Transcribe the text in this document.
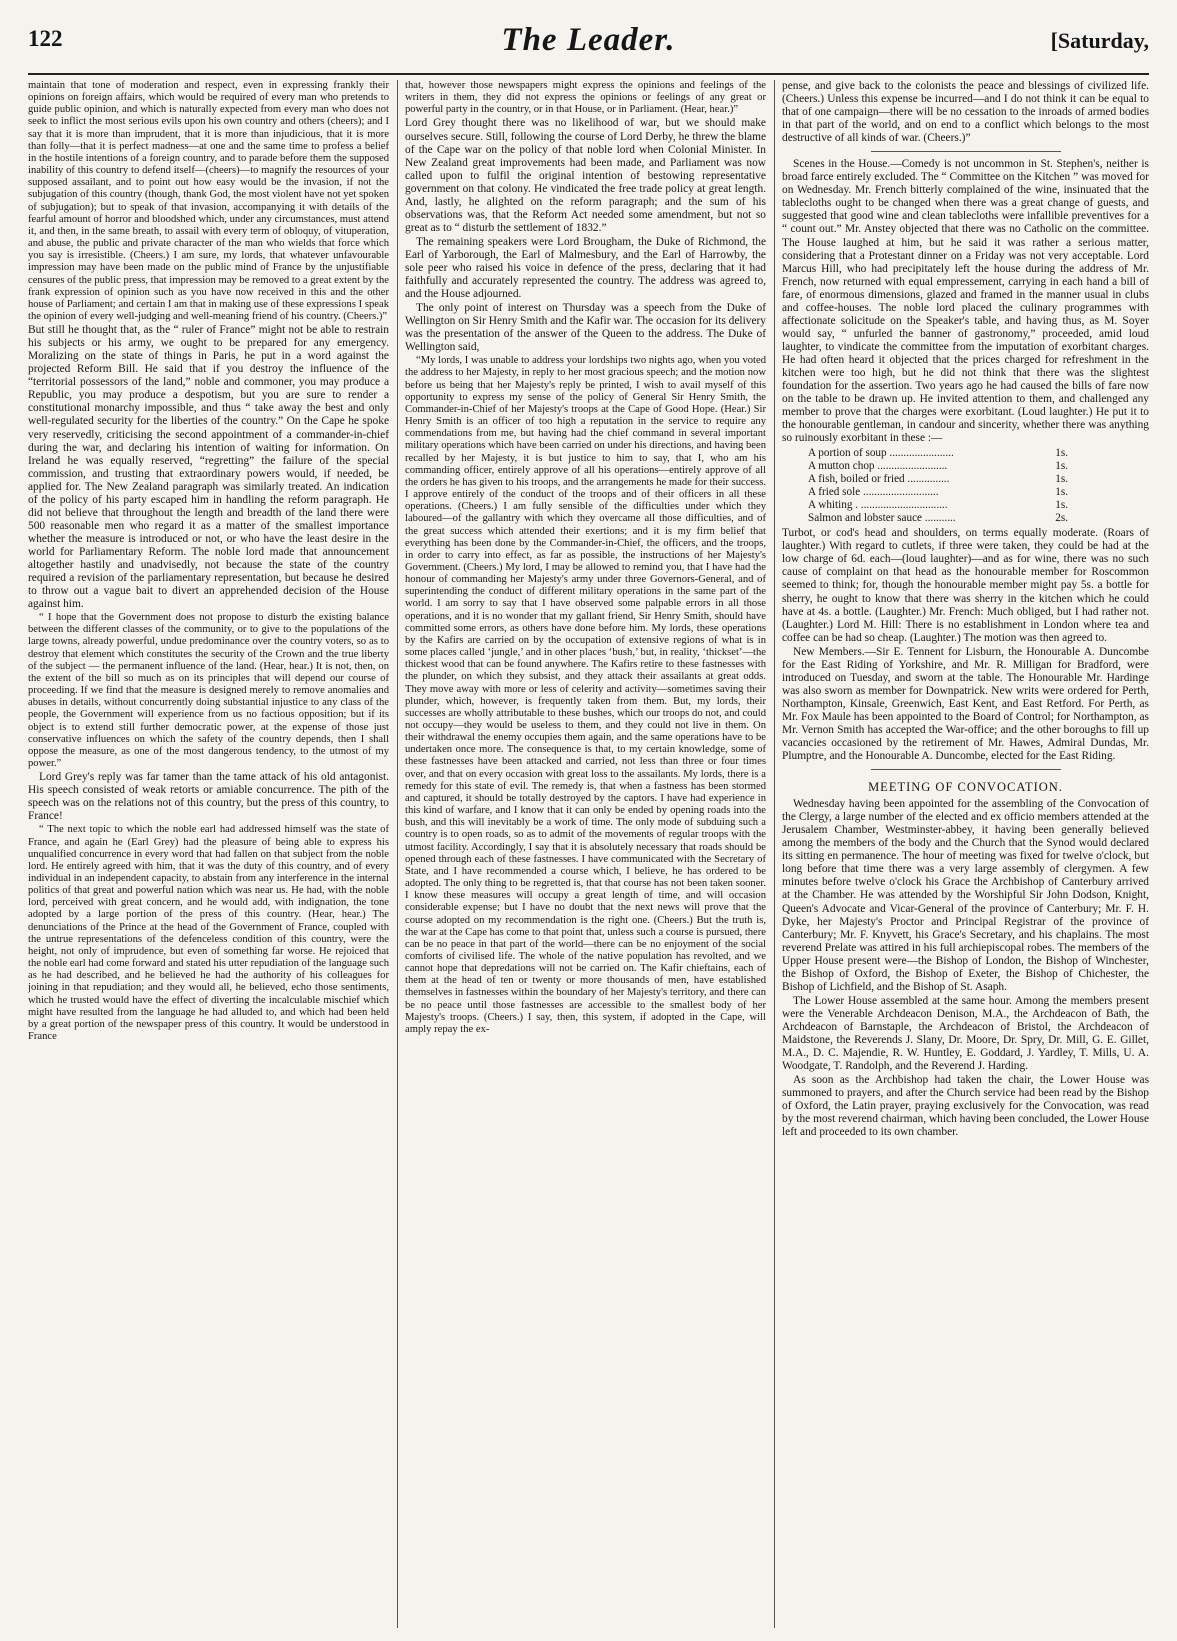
122	The Leader.	[Saturday,

maintain that tone of moderation and respect, even in expressing frankly their opinions on foreign affairs, which would be required of every man who pretends to guide public opinion, and which is naturally expected from every man who does not seek to inflict the most serious evils upon his own country and others (cheers); and I say that it is more than imprudent, that it is more than injudicious, that it is more than folly—that it is perfect madness—at one and the same time to profess a belief in the hostile intentions of a foreign country, and to parade before them the supposed inability of this country to defend itself—(cheers)—to magnify the resources of your supposed assailant, and to point out how easy would be the invasion, if not the subjugation of this country (though, thank God, the most violent have not yet spoken of subjugation); but to speak of that invasion, accompanying it with details of the fearful amount of horror and bloodshed which, under any circumstances, must attend it, and then, in the same breath, to assail with every term of obloquy, of vituperation, and abuse, the public and private character of the man who wields that force which you say is irresistible. (Cheers.) I am sure, my lords, that whatever unfavourable impression may have been made on the public mind of France by the unjustifiable censures of the public press, that impression may be removed to a great extent by the frank expression of opinion such as you have now received in this and the other house of Parliament; and certain I am that in making use of these expressions I speak the opinion of every well-judging and well-meaning friend of his country. (Cheers.)”

But still he thought that, as the “ ruler of France” might not be able to restrain his subjects or his army, we ought to be prepared for any emergency. Moralizing on the state of things in Paris, he put in a word against the projected Reform Bill. He said that if you destroy the influence of the “territorial possessors of the land,” noble and commoner, you may produce a Republic, you may produce a despotism, but you are sure to render a constitutional monarchy impossible, and thus “ take away the best and only well-regulated security for the liberties of the country.” On the Cape he spoke very reservedly, criticising the second appointment of a commander-in-chief during the war, and declaring his intention of waiting for information. On Ireland he was equally reserved, “regretting” the failure of the special commission, and trusting that extraordinary powers would, if needed, be applied for. The New Zealand paragraph was similarly treated. An indication of the policy of his party escaped him in handling the reform paragraph. He did not believe that throughout the length and breadth of the land there were 500 reasonable men who regard it as a matter of the smallest importance whether the measure is introduced or not, or who have the least desire in the world for Parliamentary Reform. The noble lord made that announcement altogether hastily and unadvisedly, not because the state of the country required a revision of the parliamentary representation, but because he desired to throw out a vague bait to divert an apprehended decision of the House against him.

“ I hope that the Government does not propose to disturb the existing balance between the different classes of the community, or to give to the populations of the large towns, already powerful, undue predominance over the country voters, so as to destroy that element which constitutes the security of the Crown and the true liberty of the subject — the permanent influence of the land. (Hear, hear.) It is not, then, on the extent of the bill so much as on its principles that will depend our course of proceeding. If we find that the measure is designed merely to remove anomalies and abuses in details, without concurrently doing substantial injustice to any class of the people, the Government will experience from us no factious opposition; but if its object is to extend still further democratic power, at the expense of those just conservative influences on which the safety of the country depends, then I shall oppose the measure, as one of the most dangerous tendency, to the utmost of my power.”

Lord Grey's reply was far tamer than the tame attack of his old antagonist. His speech consisted of weak retorts or amiable concurrence. The pith of the speech was on the relations not of this country, but the press of this country, to France!

“ The next topic to which the noble earl had addressed himself was the state of France, and again he (Earl Grey) had the pleasure of being able to express his unqualified concurrence in every word that had fallen on that subject from the noble lord. He entirely agreed with him, that it was the duty of this country, and of every individual in an independent capacity, to abstain from any interference in the internal politics of that great and powerful nation which was near us. He had, with the noble lord, perceived with great concern, and he would add, with indignation, the tone adopted by a large portion of the press of this country. (Hear, hear.) The denunciations of the Prince at the head of the Government of France, coupled with the untrue representations of the defenceless condition of this country, were the height, not only of imprudence, but even of something far worse. He rejoiced that the noble earl had come forward and stated his utter repudiation of the language such as he had described, and he believed he had the authority of his colleagues for joining in that repudiation; and they would all, he believed, echo those sentiments, which he trusted would have the effect of diverting the incalculable mischief which might have resulted from the language he had alluded to, and which had been held by a great portion of the newspaper press of this country. It would be understood in France

that, however those newspapers might express the opinions and feelings of the writers in them, they did not express the opinions or feelings of any great or powerful party in the country, or in that House, or in Parliament. (Hear, hear.)”

Lord Grey thought there was no likelihood of war, but we should make ourselves secure. Still, following the course of Lord Derby, he threw the blame of the Cape war on the policy of that noble lord when Colonial Minister. In New Zealand great improvements had been made, and Parliament was now called upon to fulfil the original intention of bestowing representative government on that colony. He vindicated the free trade policy at great length. And, lastly, he alighted on the reform paragraph; and the sum of his observations was, that the Reform Act needed some amendment, but not so great as to “ disturb the settlement of 1832.”

The remaining speakers were Lord Brougham, the Duke of Richmond, the Earl of Yarborough, the Earl of Malmesbury, and the Earl of Harrowby, the sole peer who raised his voice in defence of the press, declaring that it had faithfully and accurately represented the country. The address was agreed to, and the House adjourned.

The only point of interest on Thursday was a speech from the Duke of Wellington on Sir Henry Smith and the Kafir war. The occasion for its delivery was the presentation of the answer of the Queen to the address. The Duke of Wellington said,

“My lords, I was unable to address your lordships two nights ago, when you voted the address to her Majesty, in reply to her most gracious speech; and the motion now before us being that her Majesty's reply be printed, I wish to avail myself of this opportunity to express my sense of the policy of General Sir Henry Smith, the Commander-in-Chief of her Majesty's troops at the Cape of Good Hope. (Hear.) Sir Henry Smith is an officer of too high a reputation in the service to require any commendations from me, but having had the chief command in several important military operations which have been carried on under his directions, and having been recalled by her Majesty, it is but justice to him to say, that I, who am his commanding officer, entirely approve of all his operations—entirely approve of all the orders he has given to his troops, and the arrangements he made for their success. I approve entirely of the conduct of the troops and of their officers in all these operations. (Cheers.) I am fully sensible of the difficulties under which they laboured—of the gallantry with which they overcame all those difficulties, and of the great success which attended their exertions; and it is my firm belief that everything has been done by the Commander-in-Chief, the officers, and the troops, in order to carry into effect, as far as possible, the instructions of her Majesty's Government. (Cheers.) My lord, I may be allowed to remind you, that I have had the honour of commanding her Majesty's army under three Governors-General, and of superintending the conduct of different military operations in the same part of the world. I am sorry to say that I have observed some palpable errors in all those operations, and it is no wonder that my gallant friend, Sir Henry Smith, should have committed some errors, as others have done before him. My lords, these operations by the Kafirs are carried on by the occupation of extensive regions of what is in some places called ‘jungle,’ and in other places ‘bush,’ but, in reality, ‘thickset’—the thickest wood that can be found anywhere. The Kafirs retire to these fastnesses with the plunder, on which they subsist, and they attack their assailants at great odds. They move away with more or less of celerity and activity—sometimes saving their plunder, which, however, is frequently taken from them. But, my lords, their successes are wholly attributable to these bushes, which our troops do not, and could not occupy—they would be useless to them, and they could not live in them. On their withdrawal the enemy occupies them again, and the same operations have to be undertaken once more. The consequence is that, to my certain knowledge, some of these fastnesses have been attacked and carried, not less than three or four times over, and that on every occasion with great loss to the assailants. My lords, there is a remedy for this state of evil. The remedy is, that when a fastness has been stormed and captured, it should be totally destroyed by the captors. I have had experience in this kind of warfare, and I know that it can only be ended by opening roads into the bush, and this will inevitably be a work of time. The only mode of subduing such a country is to open roads, so as to admit of the movements of regular troops with the utmost facility. Accordingly, I say that it is absolutely necessary that roads should be opened through each of these fastnesses. I have communicated with the Secretary of State, and I have recommended a course which, I believe, he has ordered to be adopted. The only thing to be regretted is, that that course has not been taken sooner. I know these measures will occupy a great length of time, and will occasion considerable expense; but I have no doubt that the next news will prove that the course adopted on my recommendation is the right one. (Cheers.) But the truth is, the war at the Cape has come to that point that, unless such a course is pursued, there can be no peace in that part of the world—there can be no enjoyment of the social comforts of civilised life. The whole of the native population has revolted, and we cannot hope that depredations will not be carried on. The Kafir chieftains, each of them at the head of ten or twenty or more thousands of men, have established themselves in fastnesses within the boundary of her Majesty's territory, and there can be no peace until those fastnesses are accessible to the smallest body of her Majesty's troops. (Cheers.) I say, then, this system, if adopted in the Cape, will amply repay the ex-

pense, and give back to the colonists the peace and blessings of civilized life. (Cheers.) Unless this expense be incurred—and I do not think it can be equal to that of one campaign—there will be no cessation to the inroads of armed bodies in that part of the world, and on end to a conflict which belongs to the most destructive of all kinds of war. (Cheers.)”

Scenes in the House.—Comedy is not uncommon in St. Stephen's, neither is broad farce entirely excluded. The “ Committee on the Kitchen ” was moved for on Wednesday. Mr. French bitterly complained of the wine, insinuated that the tablecloths ought to be changed when there was a great change of guests, and suggested that good wine and clean tablecloths were infallible preventives for a “ count out.” Mr. Anstey objected that there was no Catholic on the committee. The House laughed at him, but he said it was rather a serious matter, considering that a Protestant dinner on a Friday was not very acceptable. Lord Marcus Hill, who had precipitately left the house during the address of Mr. French, now returned with equal empressement, carrying in each hand a bill of fare, of enormous dimensions, glazed and framed in the manner usual in clubs and coffee-houses. The noble lord placed the culinary programmes with affectionate solicitude on the Speaker's table, and having thus, as M. Soyer would say, “ unfurled the banner of gastronomy,” proceeded, amid loud laughter, to vindicate the committee from the imputation of exorbitant charges. He had often heard it objected that the prices charged for refreshment in the kitchen were too high, but he did not think that there was the slightest foundation for the assertion. Two years ago he had caused the bills of fare now on the table to be drawn up. He invited attention to them, and challenged any member to prove that the charges were exorbitant. (Loud laughter.) He put it to the honourable gentleman, in candour and sincerity, whether there was anything so ruinously exorbitant in these :—

A portion of soup .......................	1s.
A mutton chop .........................	1s.
A fish, boiled or fried ...............	1s.
A fried sole ...........................	1s.
A whiting . ...............................	1s.
Salmon and lobster sauce ...........	2s.

Turbot, or cod's head and shoulders, on terms equally moderate. (Roars of laughter.) With regard to cutlets, if three were taken, they could be had at the low charge of 6d. each—(loud laughter)—and as for wine, there was no such cause of complaint on that head as the honourable member for Roscommon seemed to think; for, though the honourable member might pay 5s. a bottle for sherry, he ought to know that there was sherry in the kitchen which he could have at 4s. a bottle. (Laughter.) Mr. French: Much obliged, but I had rather not. (Laughter.) Lord M. Hill: There is no establishment in London where tea and coffee can be had so cheap. (Laughter.) The motion was then agreed to.

New Members.—Sir E. Tennent for Lisburn, the Honourable A. Duncombe for the East Riding of Yorkshire, and Mr. R. Milligan for Bradford, were introduced on Tuesday, and sworn at the table. The Honourable Mr. Hardinge was also sworn as member for Downpatrick. New writs were ordered for Perth, Northampton, Kinsale, Greenwich, East Kent, and East Retford. For Perth, as Mr. Fox Maule has been appointed to the Board of Control; for Northampton, as Mr. Vernon Smith has accepted the War-office; and the other boroughs to fill up vacancies occasioned by the retirement of Mr. Hawes, Admiral Dundas, Mr. Plumptre, and the Honourable A. Duncombe, elected for the East Riding.

MEETING OF CONVOCATION.

Wednesday having been appointed for the assembling of the Convocation of the Clergy, a large number of the elected and ex officio members attended at the Jerusalem Chamber, Westminster-abbey, it having been generally believed among the members of the body and the Church that the Synod would declared its sitting en permanence. The hour of meeting was fixed for twelve o'clock, but long before that time there was a very large assembly of clergymen. A few minutes before twelve o'clock his Grace the Archbishop of Canterbury arrived at the Chamber. He was attended by the Worshipful Sir John Dodson, Knight, Queen's Advocate and Vicar-General of the province of Canterbury; Mr. F. H. Dyke, her Majesty's Proctor and Principal Registrar of the province of Canterbury; Mr. F. Knyvett, his Grace's Secretary, and his chaplains. The most reverend Prelate was attired in his full archiepiscopal robes. The members of the Upper House present were—the Bishop of London, the Bishop of Winchester, the Bishop of Oxford, the Bishop of Exeter, the Bishop of Chichester, the Bishop of Lichfield, and the Bishop of St. Asaph.

The Lower House assembled at the same hour. Among the members present were the Venerable Archdeacon Denison, M.A., the Archdeacon of Bath, the Archdeacon of Barnstaple, the Archdeacon of Bristol, the Archdeacon of Maidstone, the Reverends J. Slany, Dr. Moore, Dr. Spry, Dr. Mill, G. E. Gillet, M.A., D. C. Majendie, R. W. Huntley, E. Goddard, J. Yardley, T. Mills, U. A. Woodgate, T. Randolph, and the Reverend J. Harding.

As soon as the Archbishop had taken the chair, the Lower House was summoned to prayers, and after the Church service had been read by the Bishop of Oxford, the Latin prayer, praying exclusively for the Convocation, was read by the most reverend chairman, which having been concluded, the Lower House left and proceeded to its own chamber.
